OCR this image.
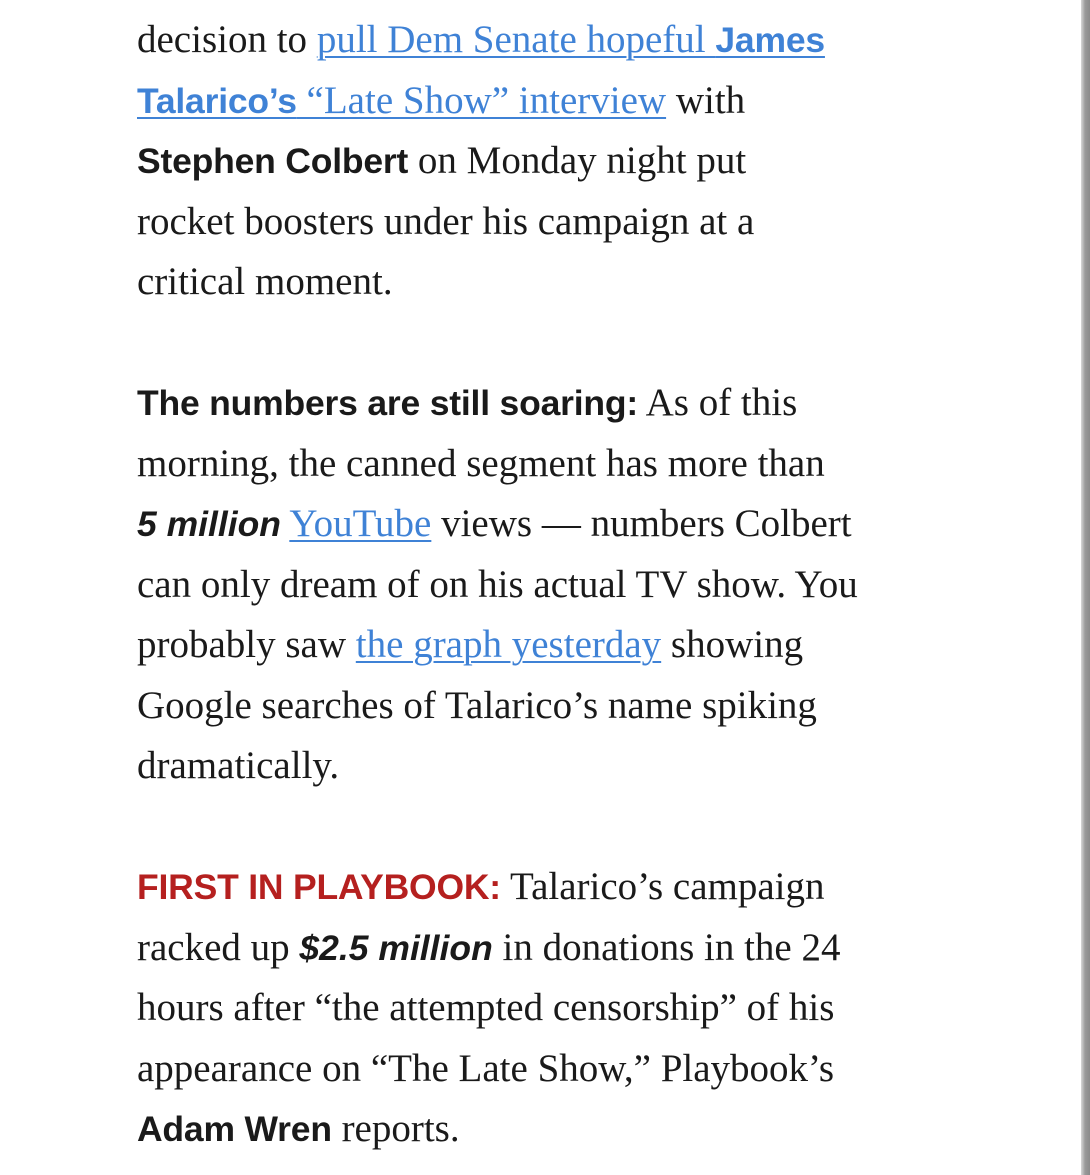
decision to pull Dem Senate hopeful James
Talarico’s “Late Show” interview with
Stephen Colbert on Monday night put
rocket boosters under his campaign at a
critical moment.

The numbers are still soaring: As of this
morning, the canned segment has more than
5 million YouTube views — numbers Colbert
can only dream of on his actual TV show. You
probably saw the graph yesterday showing
Google searches of Talarico’s name spiking
dramatically.

FIRST IN PLAYBOOK: Talarico’s campaign
racked up $2.5 million in donations in the 24
hours after “the attempted censorship” of his
appearance on “The Late Show,” Playbook’s
Adam Wren reports.
